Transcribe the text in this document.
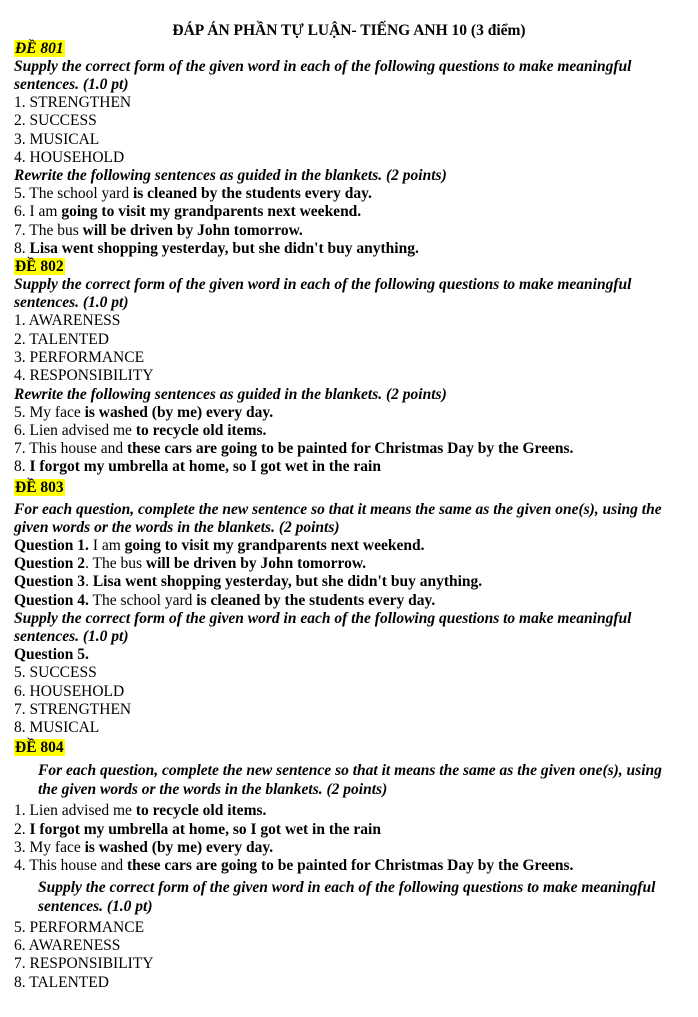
ĐÁP ÁN PHẦN TỰ LUẬN- TIẾNG ANH 10 (3 điểm)

ĐỀ 801

Supply the correct form of the given word in each of the following questions to make meaningful sentences. (1.0 pt)

1. STRENGTHEN

2. SUCCESS

3. MUSICAL

4. HOUSEHOLD

Rewrite the following sentences as guided in the blankets. (2 points)

5. The school yard is cleaned by the students every day.

6. I am going to visit my grandparents next weekend.

7. The bus will be driven by John tomorrow.

8. Lisa went shopping yesterday, but she didn't buy anything.

ĐỀ 802

Supply the correct form of the given word in each of the following questions to make meaningful sentences. (1.0 pt)

1. AWARENESS

2. TALENTED

3. PERFORMANCE

4. RESPONSIBILITY

Rewrite the following sentences as guided in the blankets. (2 points)

5. My face is washed (by me) every day.

6. Lien advised me to recycle old items.

7. This house and these cars are going to be painted for Christmas Day by the Greens.

8. I forgot my umbrella at home, so I got wet in the rain

ĐỀ 803

For each question, complete the new sentence so that it means the same as the given one(s), using the given words or the words in the blankets. (2 points)

Question 1. I am going to visit my grandparents next weekend.

Question 2. The bus will be driven by John tomorrow.

Question 3. Lisa went shopping yesterday, but she didn't buy anything.

Question 4. The school yard is cleaned by the students every day.

Supply the correct form of the given word in each of the following questions to make meaningful sentences. (1.0 pt)

Question 5.

5. SUCCESS

6. HOUSEHOLD

7. STRENGTHEN

8. MUSICAL

ĐỀ 804

For each question, complete the new sentence so that it means the same as the given one(s), using the given words or the words in the blankets. (2 points)

1. Lien advised me to recycle old items.

2. I forgot my umbrella at home, so I got wet in the rain

3. My face is washed (by me) every day.

4. This house and these cars are going to be painted for Christmas Day by the Greens.

Supply the correct form of the given word in each of the following questions to make meaningful sentences. (1.0 pt)

5. PERFORMANCE

6. AWARENESS

7. RESPONSIBILITY

8. TALENTED
